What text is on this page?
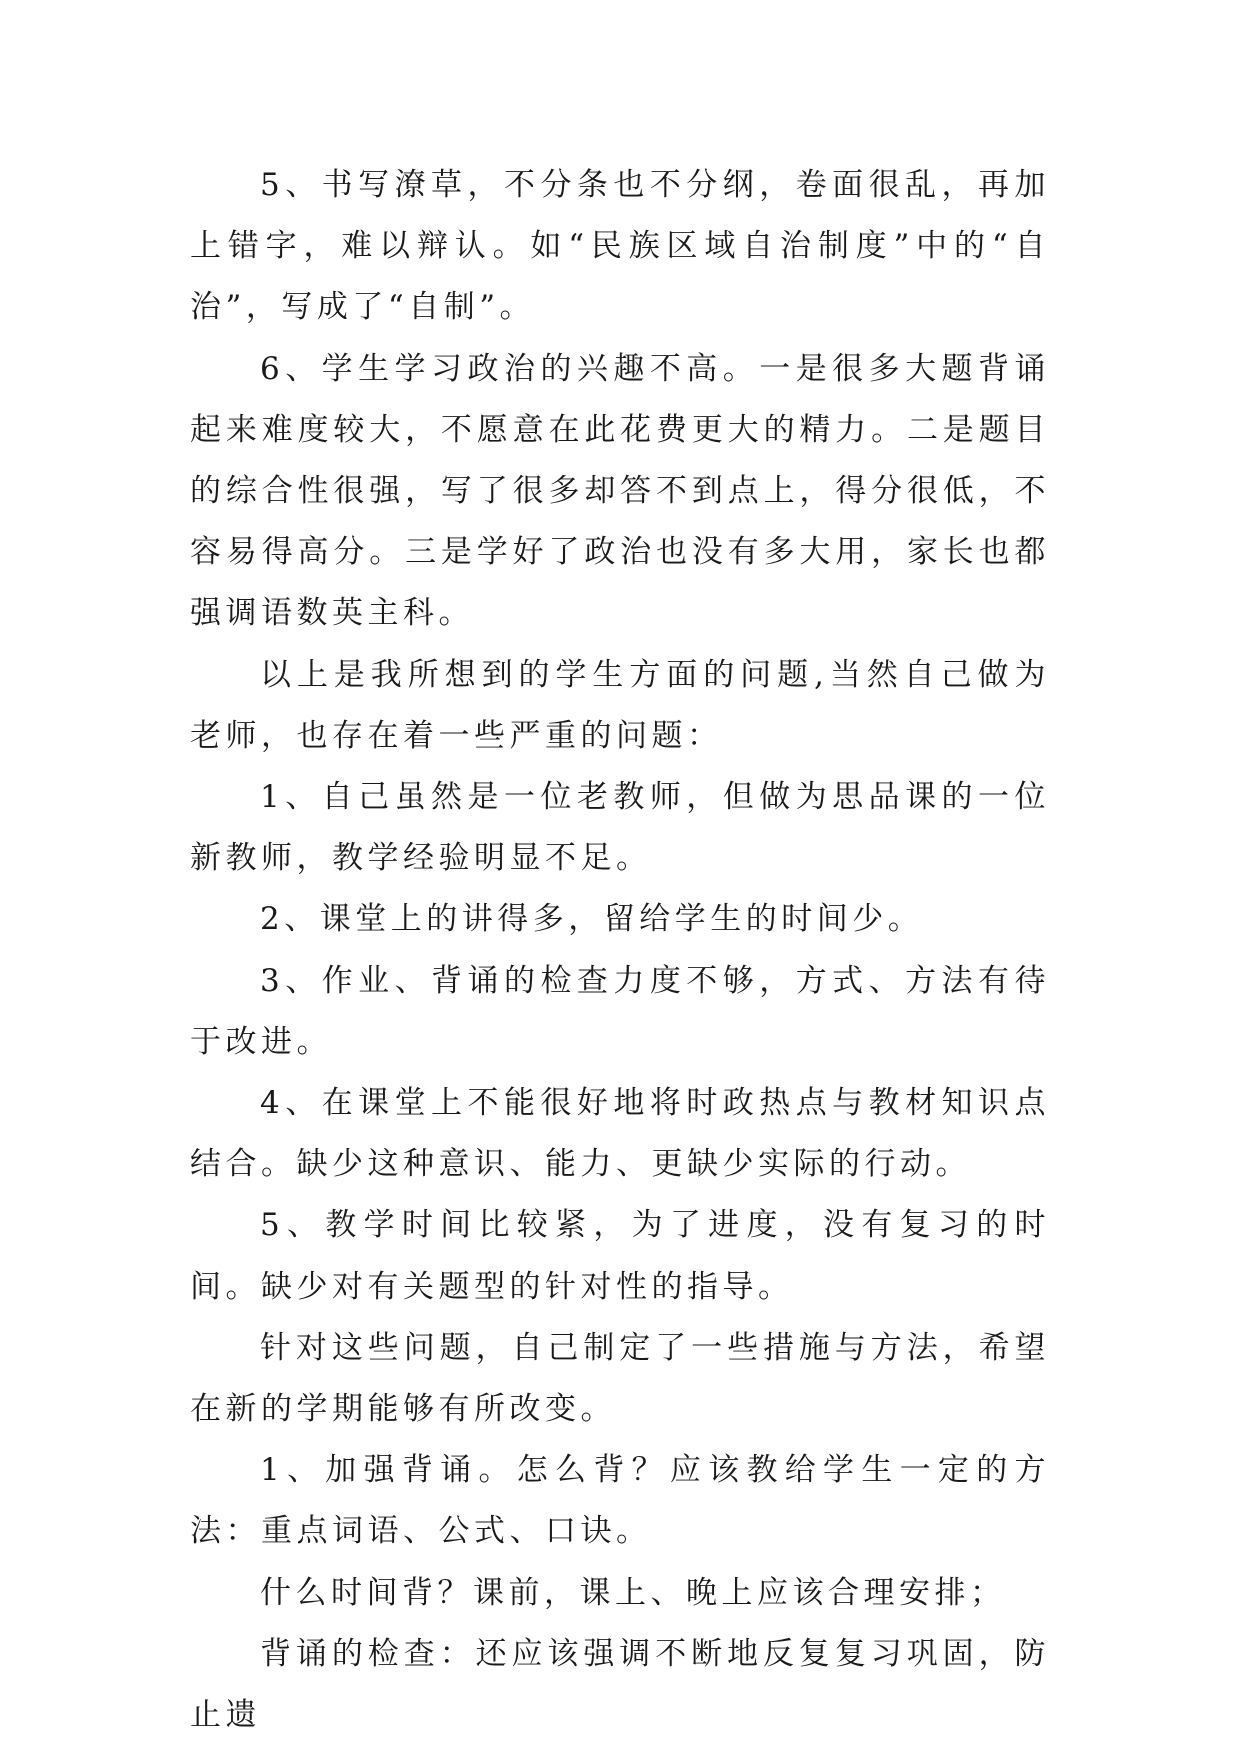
5、书写潦草，不分条也不分纲，卷面很乱，再加上错字，难以辩认。如“民族区域自治制度”中的“自治”，写成了“自制”。

6、学生学习政治的兴趣不高。一是很多大题背诵起来难度较大，不愿意在此花费更大的精力。二是题目的综合性很强，写了很多却答不到点上，得分很低，不容易得高分。三是学好了政治也没有多大用，家长也都强调语数英主科。

以上是我所想到的学生方面的问题,当然自己做为老师，也存在着一些严重的问题：

1、自己虽然是一位老教师，但做为思品课的一位新教师，教学经验明显不足。

2、课堂上的讲得多，留给学生的时间少。

3、作业、背诵的检查力度不够，方式、方法有待于改进。

4、在课堂上不能很好地将时政热点与教材知识点结合。缺少这种意识、能力、更缺少实际的行动。

5、教学时间比较紧，为了进度，没有复习的时间。缺少对有关题型的针对性的指导。

针对这些问题，自己制定了一些措施与方法，希望在新的学期能够有所改变。

1、加强背诵。怎么背？应该教给学生一定的方法：重点词语、公式、口诀。

什么时间背？课前，课上、晚上应该合理安排；

背诵的检查：还应该强调不断地反复复习巩固，防止遗
